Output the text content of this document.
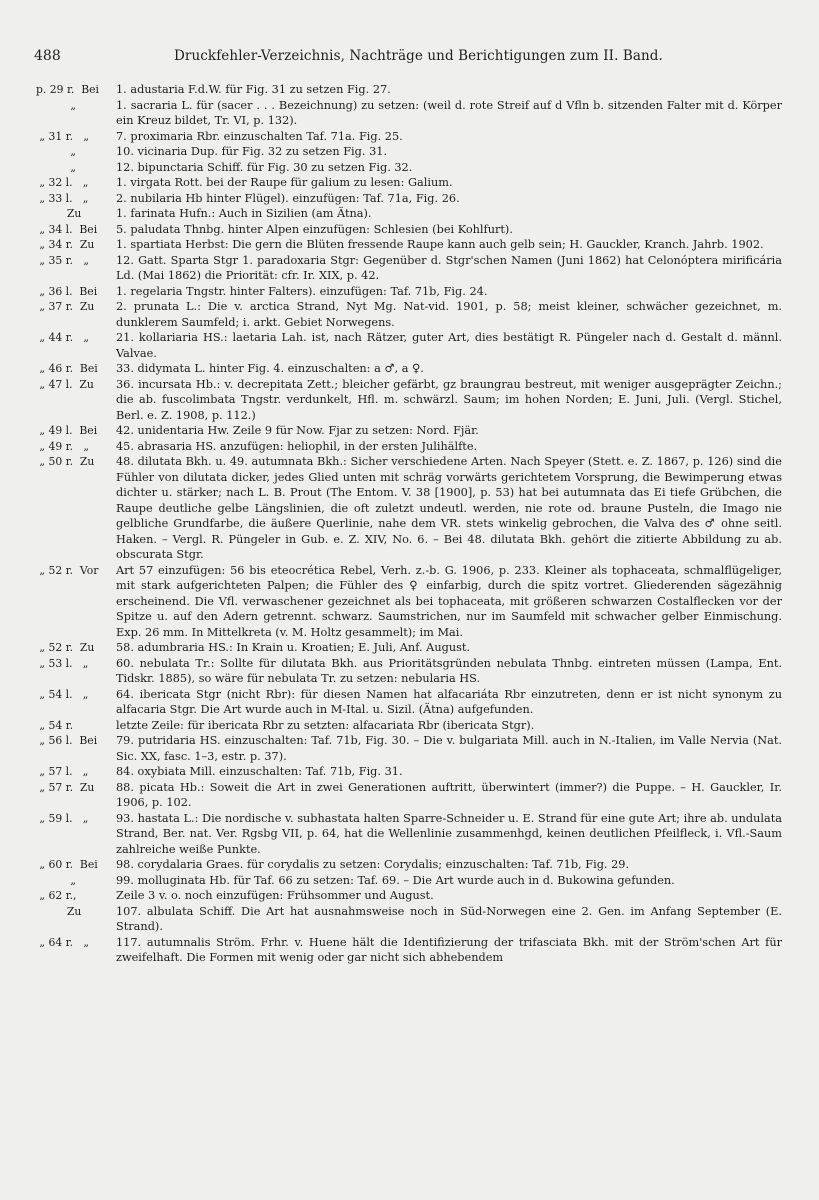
488	Druckfehler-Verzeichnis, Nachträge und Berichtigungen zum II. Band.
p. 29 r.  Bei 1. adustaria F.d.W. für Fig. 31 zu setzen Fig. 27.
„	1. sacraria L. für (sacer . . . Bezeichnung) zu setzen: (weil d. rote Streif auf d Vfln b. sitzenden Falter mit d. Körper ein Kreuz bildet, Tr. VI, p. 132).
„ 31 r.   „ 7. proximaria Rbr. einzuschalten Taf. 71a. Fig. 25.
„	10. vicinaria Dup. für Fig. 32 zu setzen Fig. 31.
„	12. bipunctaria Schiff. für Fig. 30 zu setzen Fig. 32.
„ 32 l.   „ 1. virgata Rott. bei der Raupe für galium zu lesen: Galium.
„ 33 l.   „ 2. nubilaria Hb hinter Flügel). einzufügen: Taf. 71a, Fig. 26.
Zu	1. farinata Hufn.: Auch in Sizilien (am Ätna).
„ 34 l.  Bei 5. paludata Thnbg. hinter Alpen einzufügen: Schlesien (bei Kohlfurt).
„ 34 r.  Zu 1. spartiata Herbst: Die gern die Blüten fressende Raupe kann auch gelb sein; H. Gauckler, Kranch. Jahrb. 1902.
„ 35 r.   „ 12. Gatt. Sparta Stgr 1. paradoxaria Stgr: Gegenüber d. Stgr'schen Namen (Juni 1862) hat Celonóptera mirificária Ld. (Mai 1862) die Priorität: cfr. Ir. XIX, p. 42.
„ 36 l.  Bei 1. regelaria Tngstr. hinter Falters). einzufügen: Taf. 71b, Fig. 24.
„ 37 r.  Zu 2. prunata L.: Die v. arctica Strand, Nyt Mg. Nat-vid. 1901, p. 58; meist kleiner, schwächer gezeichnet, m. dunklerem Saumfeld; i. arkt. Gebiet Norwegens.
„ 44 r.   „ 21. kollariaria HS.: laetaria Lah. ist, nach Rätzer, guter Art, dies bestätigt R. Püngeler nach d. Gestalt d. männl. Valvae.
„ 46 r.  Bei 33. didymata L. hinter Fig. 4. einzuschalten: a ♂, a ♀.
„ 47 l.  Zu 36. incursata Hb.: v. decrepitata Zett.; bleicher gefärbt, gz braungrau bestreut, mit weniger ausgeprägter Zeichn.; die ab. fuscolimbata Tngstr. verdunkelt, Hfl. m. schwärzl. Saum; im hohen Norden; E. Juni, Juli. (Vergl. Stichel, Berl. e. Z. 1908, p. 112.)
„ 49 l.  Bei 42. unidentaria Hw. Zeile 9 für Now. Fjar zu setzen: Nord. Fjär.
„ 49 r.   „ 45. abrasaria HS. anzufügen: heliophil, in der ersten Julihälfte.
„ 50 r.  Zu 48. dilutata Bkh. u. 49. autumnata Bkh.: Sicher verschiedene Arten. Nach Speyer (Stett. e. Z. 1867, p. 126) sind die Fühler von dilutata dicker, jedes Glied unten mit schräg vorwärts gerichtetem Vorsprung, die Bewimperung etwas dichter u. stärker; nach L. B. Prout (The Entom. V. 38 [1900], p. 53) hat bei autumnata das Ei tiefe Grübchen, die Raupe deutliche gelbe Längslinien, die oft zuletzt undeutl. werden, nie rote od. braune Pusteln, die Imago nie gelbliche Grundfarbe, die äußere Querlinie, nahe dem VR. stets winkelig gebrochen, die Valva des ♂ ohne seitl. Haken. – Vergl. R. Püngeler in Gub. e. Z. XIV, No. 6. – Bei 48. dilutata Bkh. gehört die zitierte Abbildung zu ab. obscurata Stgr.
„ 52 r.  Vor Art 57 einzufügen: 56 bis eteocrética Rebel, Verh. z.-b. G. 1906, p. 233. Kleiner als tophaceata, schmalflügeliger, mit stark aufgerichteten Palpen; die Fühler des ♀ einfarbig, durch die spitz vortret. Gliederenden sägezähnig erscheinend. Die Vfl. verwaschener gezeichnet als bei tophaceata, mit größeren schwarzen Costalflecken vor der Spitze u. auf den Adern getrennt. schwarz. Saumstrichen, nur im Saumfeld mit schwacher gelber Einmischung. Exp. 26 mm. In Mittelkreta (v. M. Holtz gesammelt); im Mai.
„ 52 r.  Zu 58. adumbraria HS.: In Krain u. Kroatien; E. Juli, Anf. August.
„ 53 l.   „ 60. nebulata Tr.: Sollte für dilutata Bkh. aus Prioritätsgründen nebulata Thnbg. eintreten müssen (Lampa, Ent. Tidskr. 1885), so wäre für nebulata Tr. zu setzen: nebularia HS.
„ 54 l.   „ 64. ibericata Stgr (nicht Rbr): für diesen Namen hat alfacariáta Rbr einzutreten, denn er ist nicht synonym zu alfacaria Stgr. Die Art wurde auch in M-Ital. u. Sizil. (Ätna) aufgefunden.
„ 54 r.	letzte Zeile: für ibericata Rbr zu setzten: alfacariata Rbr (ibericata Stgr).
„ 56 l.  Bei 79. putridaria HS. einzuschalten: Taf. 71b, Fig. 30. – Die v. bulgariata Mill. auch in N.-Italien, im Valle Nervia (Nat. Sic. XX, fasc. 1–3, estr. p. 37).
„ 57 l.   „ 84. oxybiata Mill. einzuschalten: Taf. 71b, Fig. 31.
„ 57 r.  Zu 88. picata Hb.: Soweit die Art in zwei Generationen auftritt, überwintert (immer?) die Puppe. – H. Gauckler, Ir. 1906, p. 102.
„ 59 l.   „ 93. hastata L.: Die nordische v. subhastata halten Sparre-Schneider u. E. Strand für eine gute Art; ihre ab. undulata Strand, Ber. nat. Ver. Rgsbg VII, p. 64, hat die Wellenlinie zusammenhgd, keinen deutlichen Pfeilfleck, i. Vfl.-Saum zahlreiche weiße Punkte.
„ 60 r.  Bei 98. corydalaria Graes. für corydalis zu setzen: Corydalis; einzuschalten: Taf. 71b, Fig. 29.
„	99. molluginata Hb. für Taf. 66 zu setzen: Taf. 69. – Die Art wurde auch in d. Bukowina gefunden.
„ 62 r.,	Zeile 3 v. o. noch einzufügen: Frühsommer und August.
Zu	107. albulata Schiff. Die Art hat ausnahmsweise noch in Süd-Norwegen eine 2. Gen. im Anfang September (E. Strand).
„ 64 r.   „ 117. autumnalis Ström. Frhr. v. Huene hält die Identifizierung der trifasciata Bkh. mit der Ström'schen Art für zweifelhaft. Die Formen mit wenig oder gar nicht sich abhebendem
